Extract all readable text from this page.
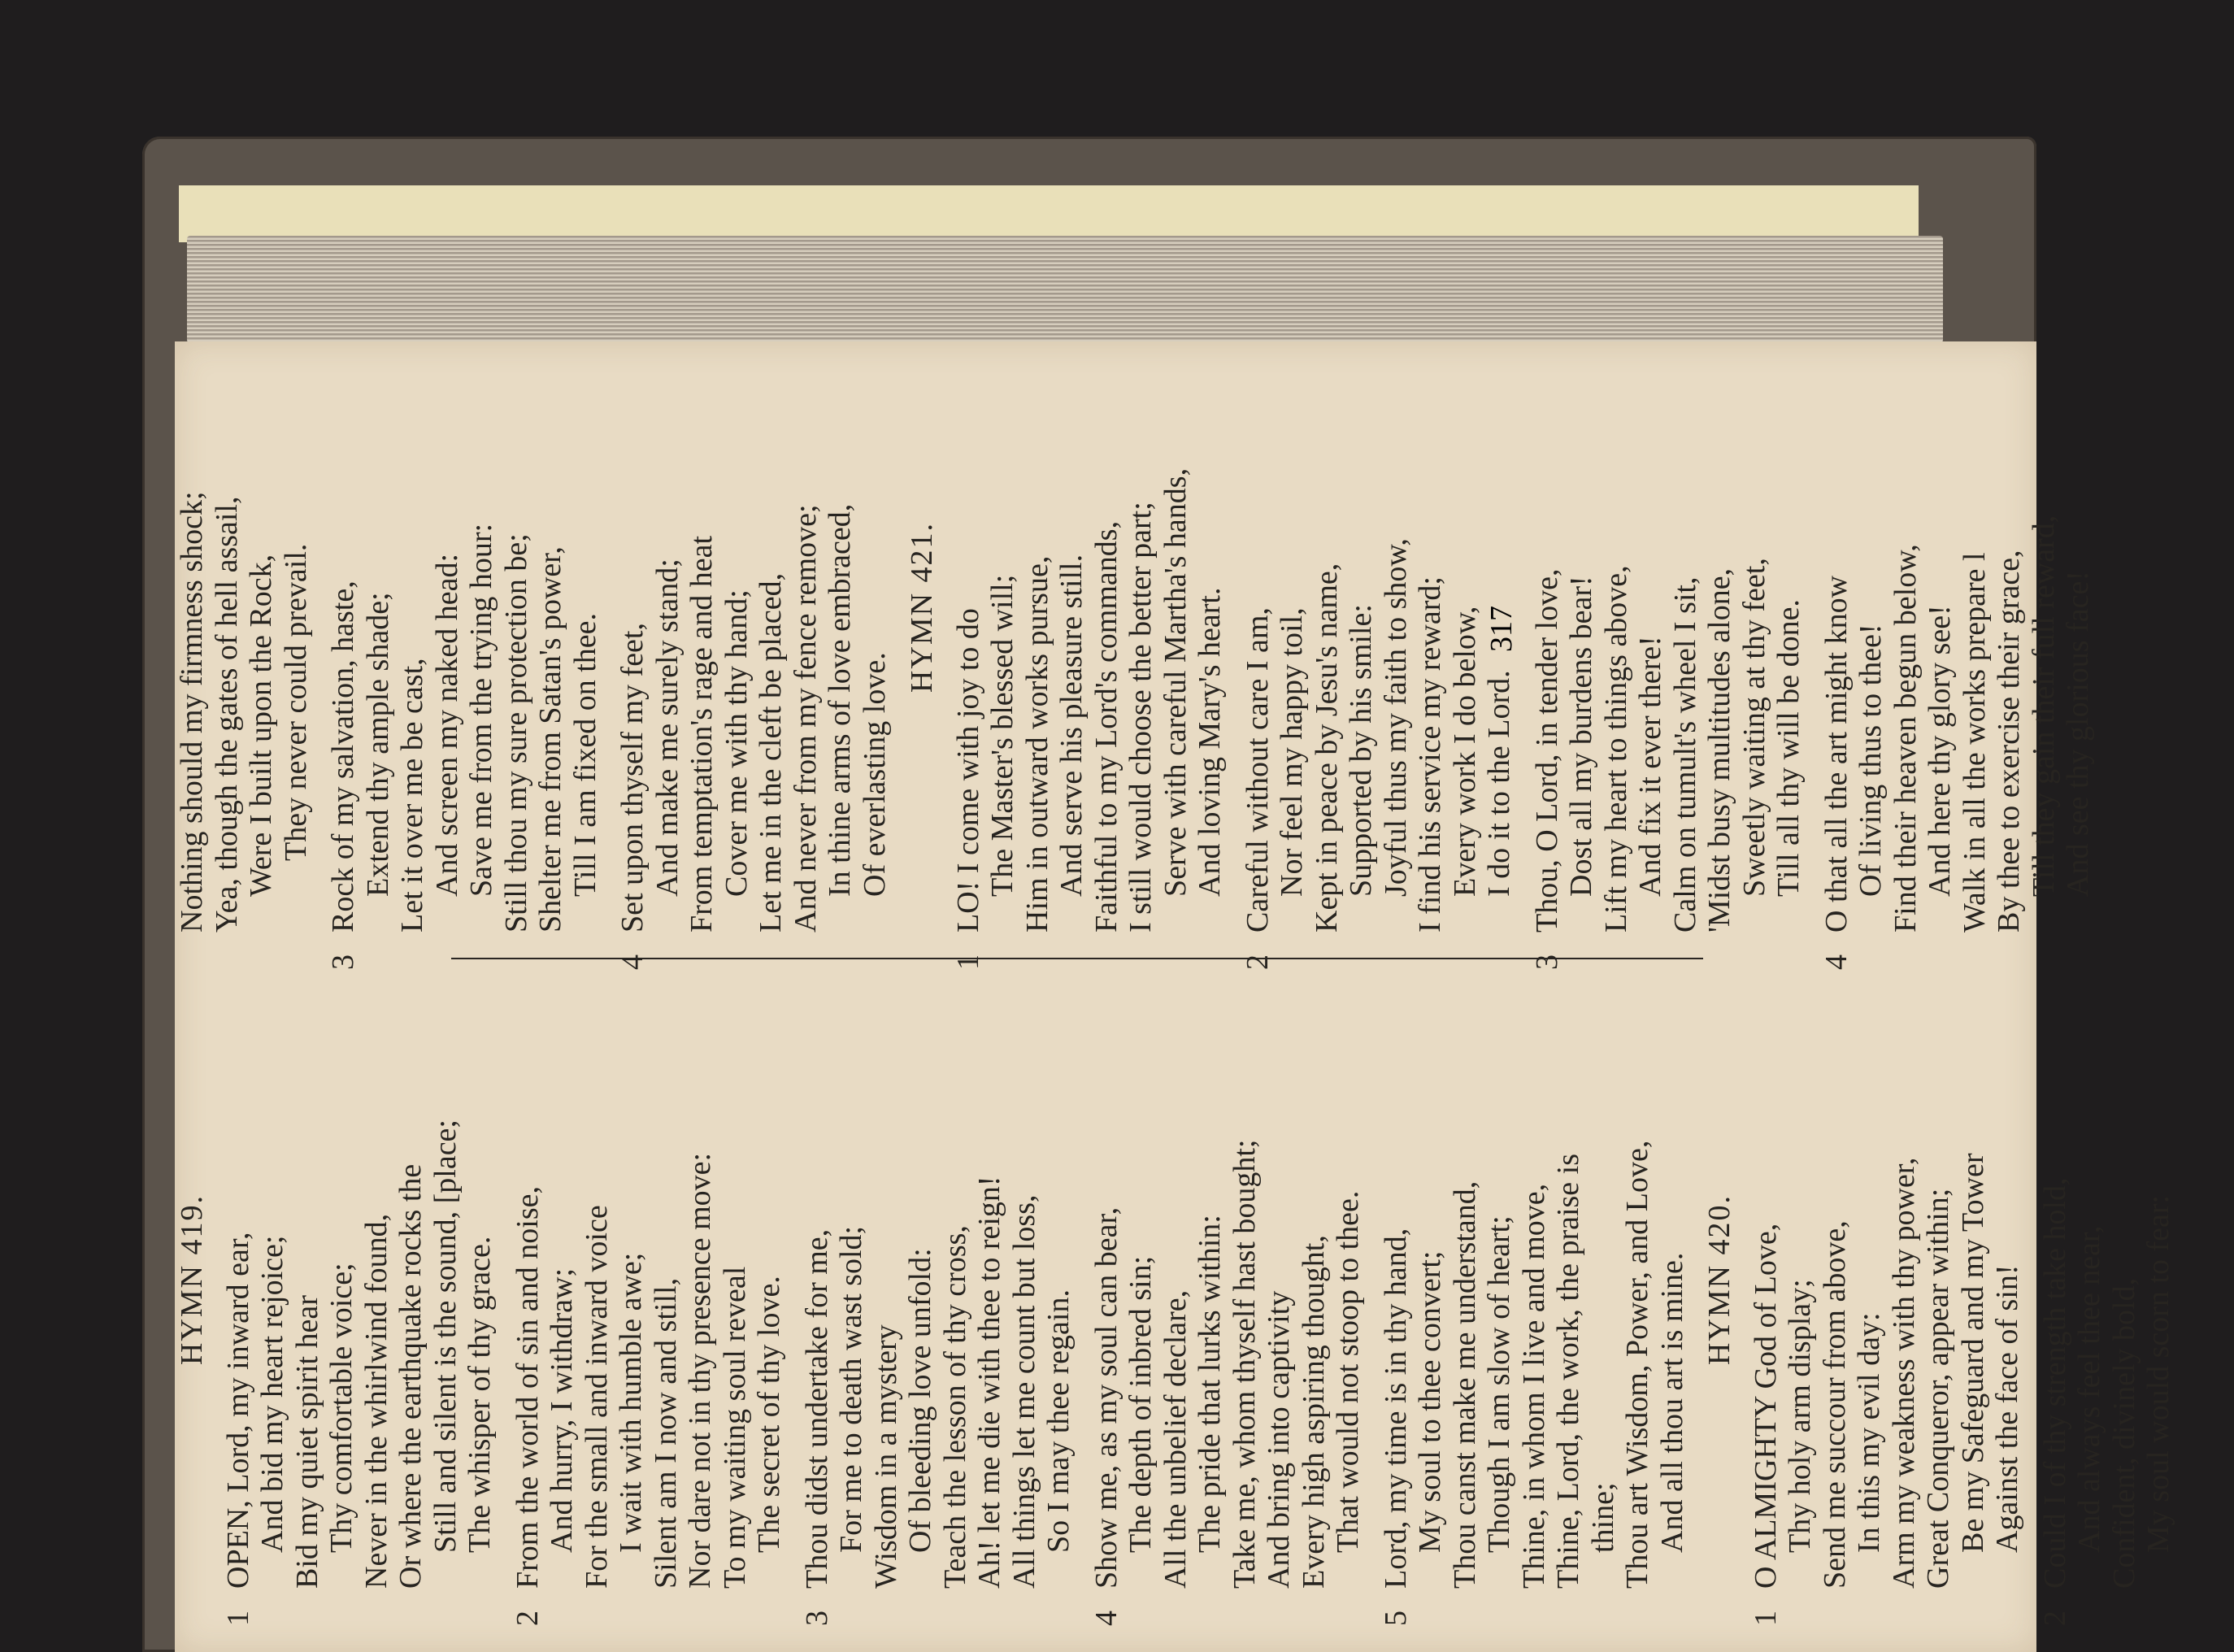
HYMN 419.
1
OPEN, Lord, my inward ear, And bid my heart rejoice; Bid my quiet spirit hear Thy comfortable voice; Never in the whirlwind found, Or where the earthquake rocks the Still and silent is the sound, [place; The whisper of thy grace.
2
From the world of sin and noise, And hurry, I withdraw; For the small and inward voice I wait with humble awe; Silent am I now and still, Nor dare not in thy presence move: To my waiting soul reveal The secret of thy love.
3
Thou didst undertake for me, For me to death wast sold; Wisdom in a mystery Of bleeding love unfold: Teach the lesson of thy cross, Ah! let me die with thee to reign! All things let me count but loss, So I may thee regain.
4
Show me, as my soul can bear, The depth of inbred sin; All the unbelief declare, The pride that lurks within: Take me, whom thyself hast bought; And bring into captivity Every high aspiring thought, That would not stoop to thee.
5
Lord, my time is in thy hand, My soul to thee convert; Thou canst make me understand, Though I am slow of heart; Thine, in whom I live and move, Thine, Lord, the work, the praise is thine; Thou art Wisdom, Power, and Love, And all thou art is mine. HYMN 420.
1
O ALMIGHTY God of Love, Thy holy arm display; Send me succour from above, In this my evil day: Arm my weakness with thy power, Great Conqueror, appear within; Be my Safeguard and my Tower Against the face of sin!
2
Could I of thy strength take hold, And always feel thee near, Confident, divinely bold, My soul would scorn to fear:
Nothing should my firmness shock; Yea, though the gates of hell assail, Were I built upon the Rock, They never could prevail.
3
Rock of my salvation, haste, Extend thy ample shade; Let it over me be cast, And screen my naked head: Save me from the trying hour: Still thou my sure protection be; Shelter me from Satan's power, Till I am fixed on thee.
4
Set upon thyself my feet, And make me surely stand; From temptation's rage and heat Cover me with thy hand; Let me in the cleft be placed, And never from my fence remove; In thine arms of love embraced, Of everlasting love.
HYMN 421.
1
LO! I come with joy to do The Master's blessed will; Him in outward works pursue, And serve his pleasure still. Faithful to my Lord's commands, I still would choose the better part; Serve with careful Martha's hands, And loving Mary's heart.
2
Careful without care I am, Nor feel my happy toil, Kept in peace by Jesu's name, Supported by his smile: Joyful thus my faith to show, I find his service my reward; Every work I do below, I do it to the Lord.
3
Thou, O Lord, in tender love, Dost all my burdens bear! Lift my heart to things above, And fix it ever there! Calm on tumult's wheel I sit, 'Midst busy multitudes alone, Sweetly waiting at thy feet, Till all thy will be done.
4
O that all the art might know Of living thus to thee! Find their heaven begun below, And here thy glory see! Walk in all the works prepare l By thee to exercise their grace, Till they gain their full reward, And see thy glorious face!
317
